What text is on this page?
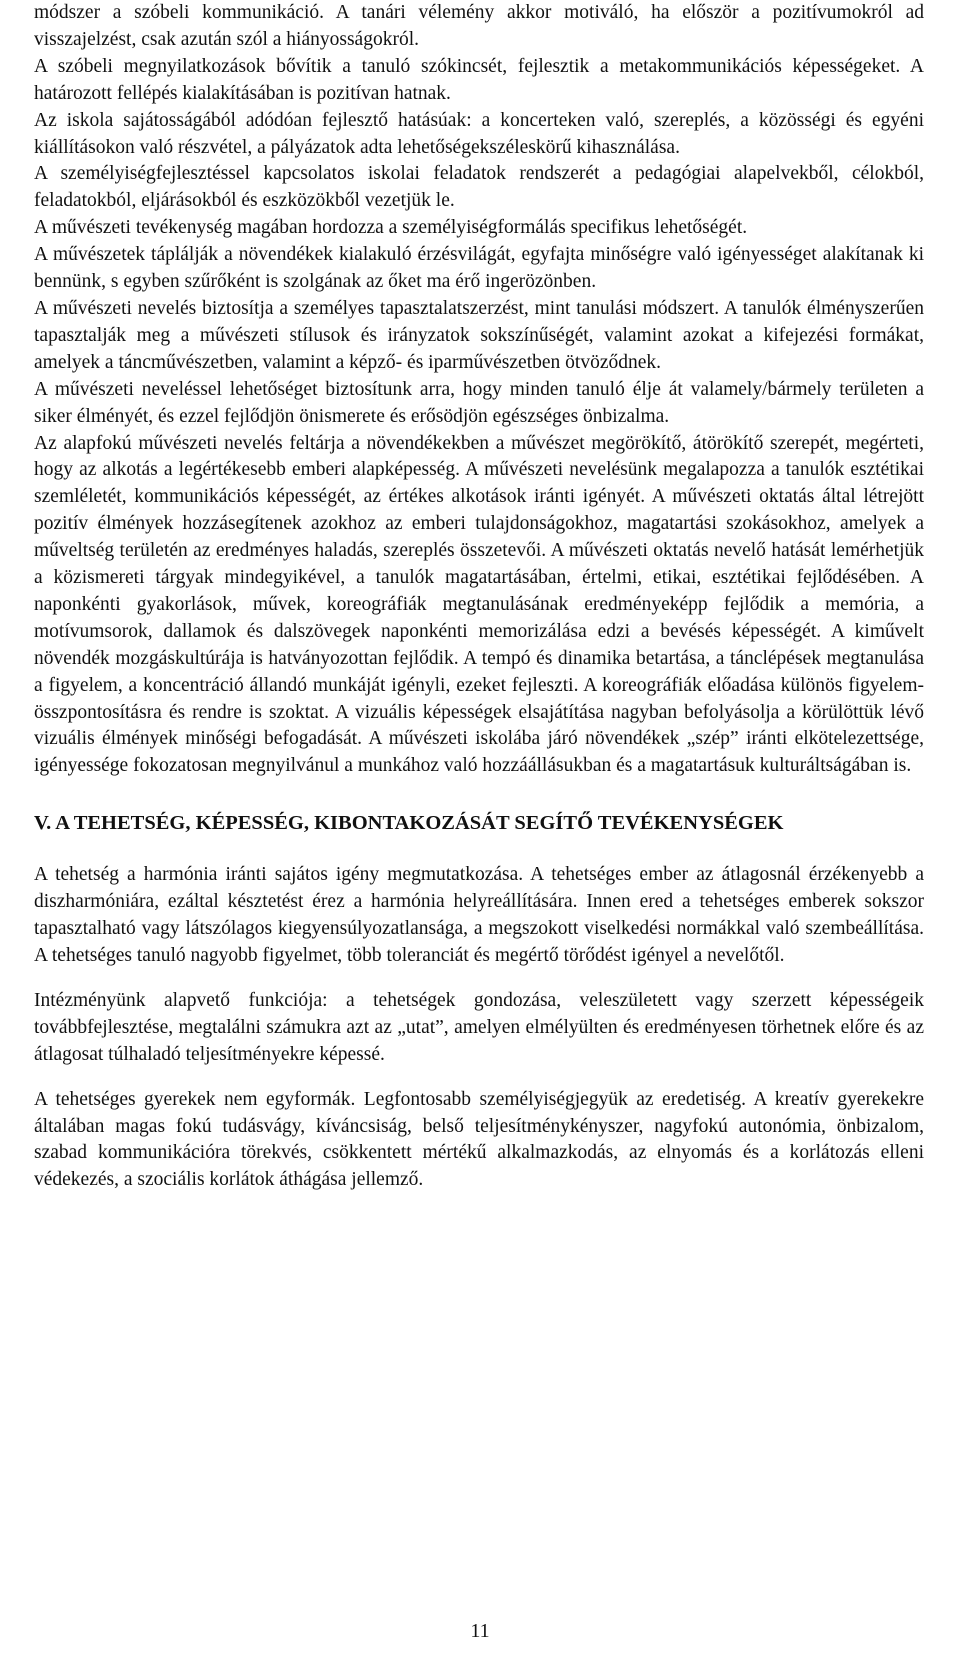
módszer a szóbeli kommunikáció. A tanári vélemény akkor motiváló, ha először a pozitívumokról ad visszajelzést, csak azután szól a hiányosságokról.

A szóbeli megnyilatkozások bővítik a tanuló szókincsét, fejlesztik a metakommunikációs képességeket. A határozott fellépés kialakításában is pozitívan hatnak.

Az iskola sajátosságából adódóan fejlesztő hatásúak: a koncerteken való, szereplés, a közösségi és egyéni kiállításokon való részvétel, a pályázatok adta lehetőségekszéleskörű kihasználása.

A személyiségfejlesztéssel kapcsolatos iskolai feladatok rendszerét a pedagógiai alapelvekből, célokból, feladatokból, eljárásokból és eszközökből vezetjük le.

A művészeti tevékenység magában hordozza a személyiségformálás specifikus lehetőségét.

A művészetek táplálják a növendékek kialakuló érzésvilágát, egyfajta minőségre való igényességet alakítanak ki bennünk, s egyben szűrőként is szolgának az őket ma érő ingerözönben.

A művészeti nevelés biztosítja a személyes tapasztalatszerzést, mint tanulási módszert. A tanulók élményszerűen tapasztalják meg a művészeti stílusok és irányzatok sokszínűségét, valamint azokat a kifejezési formákat, amelyek a táncművészetben, valamint a képző- és iparművészetben ötvöződnek.

A művészeti neveléssel lehetőséget biztosítunk arra, hogy minden tanuló élje át valamely/bármely területen a siker élményét, és ezzel fejlődjön önismerete és erősödjön egészséges önbizalma.

Az alapfokú művészeti nevelés feltárja a növendékekben a művészet megörökítő, átörökítő szerepét, megérteti, hogy az alkotás a legértékesebb emberi alapképesség. A művészeti nevelésünk megalapozza a tanulók esztétikai szemléletét, kommunikációs képességét, az értékes alkotások iránti igényét. A művészeti oktatás által létrejött pozitív élmények hozzásegítenek azokhoz az emberi tulajdonságokhoz, magatartási szokásokhoz, amelyek a műveltség területén az eredményes haladás, szereplés összetevői. A művészeti oktatás nevelő hatását lemérhetjük a közismereti tárgyak mindegyikével, a tanulók magatartásában, értelmi, etikai, esztétikai fejlődésében. A naponkénti gyakorlások, művek, koreográfiák megtanulásának eredményeképp fejlődik a memória, a motívumsorok, dallamok és dalszövegek naponkénti memorizálása edzi a bevésés képességét. A kiművelt növendék mozgáskultúrája is hatványozottan fejlődik. A tempó és dinamika betartása, a tánclépések megtanulása a figyelem, a koncentráció állandó munkáját igényli, ezeket fejleszti. A koreográfiák előadása különös figyelem-összpontosításra és rendre is szoktat. A vizuális képességek elsajátítása nagyban befolyásolja a körülöttük lévő vizuális élmények minőségi befogadását. A művészeti iskolába járó növendékek „szép” iránti elkötelezettsége, igényessége fokozatosan megnyilvánul a munkához való hozzáállásukban és a magatartásuk kulturáltságában is.

V. A TEHETSÉG, KÉPESSÉG, KIBONTAKOZÁSÁT SEGÍTŐ TEVÉKENYSÉGEK

A tehetség a harmónia iránti sajátos igény megmutatkozása. A tehetséges ember az átlagosnál érzékenyebb a diszharmóniára, ezáltal késztetést érez a harmónia helyreállítására. Innen ered a tehetséges emberek sokszor tapasztalható vagy látszólagos kiegyensúlyozatlansága, a megszokott viselkedési normákkal való szembeállítása. A tehetséges tanuló nagyobb figyelmet, több toleranciát és megértő törődést igényel a nevelőtől.

Intézményünk alapvető funkciója: a tehetségek gondozása, veleszületett vagy szerzett képességeik továbbfejlesztése, megtalálni számukra azt az „utat”, amelyen elmélyülten és eredményesen törhetnek előre és az átlagosat túlhaladó teljesítményekre képessé.

A tehetséges gyerekek nem egyformák. Legfontosabb személyiségjegyük az eredetiség. A kreatív gyerekekre általában magas fokú tudásvágy, kíváncsiság, belső teljesítménykényszer, nagyfokú autonómia, önbizalom, szabad kommunikációra törekvés, csökkentett mértékű alkalmazkodás, az elnyomás és a korlátozás elleni védekezés, a szociális korlátok áthágása jellemző.

11
